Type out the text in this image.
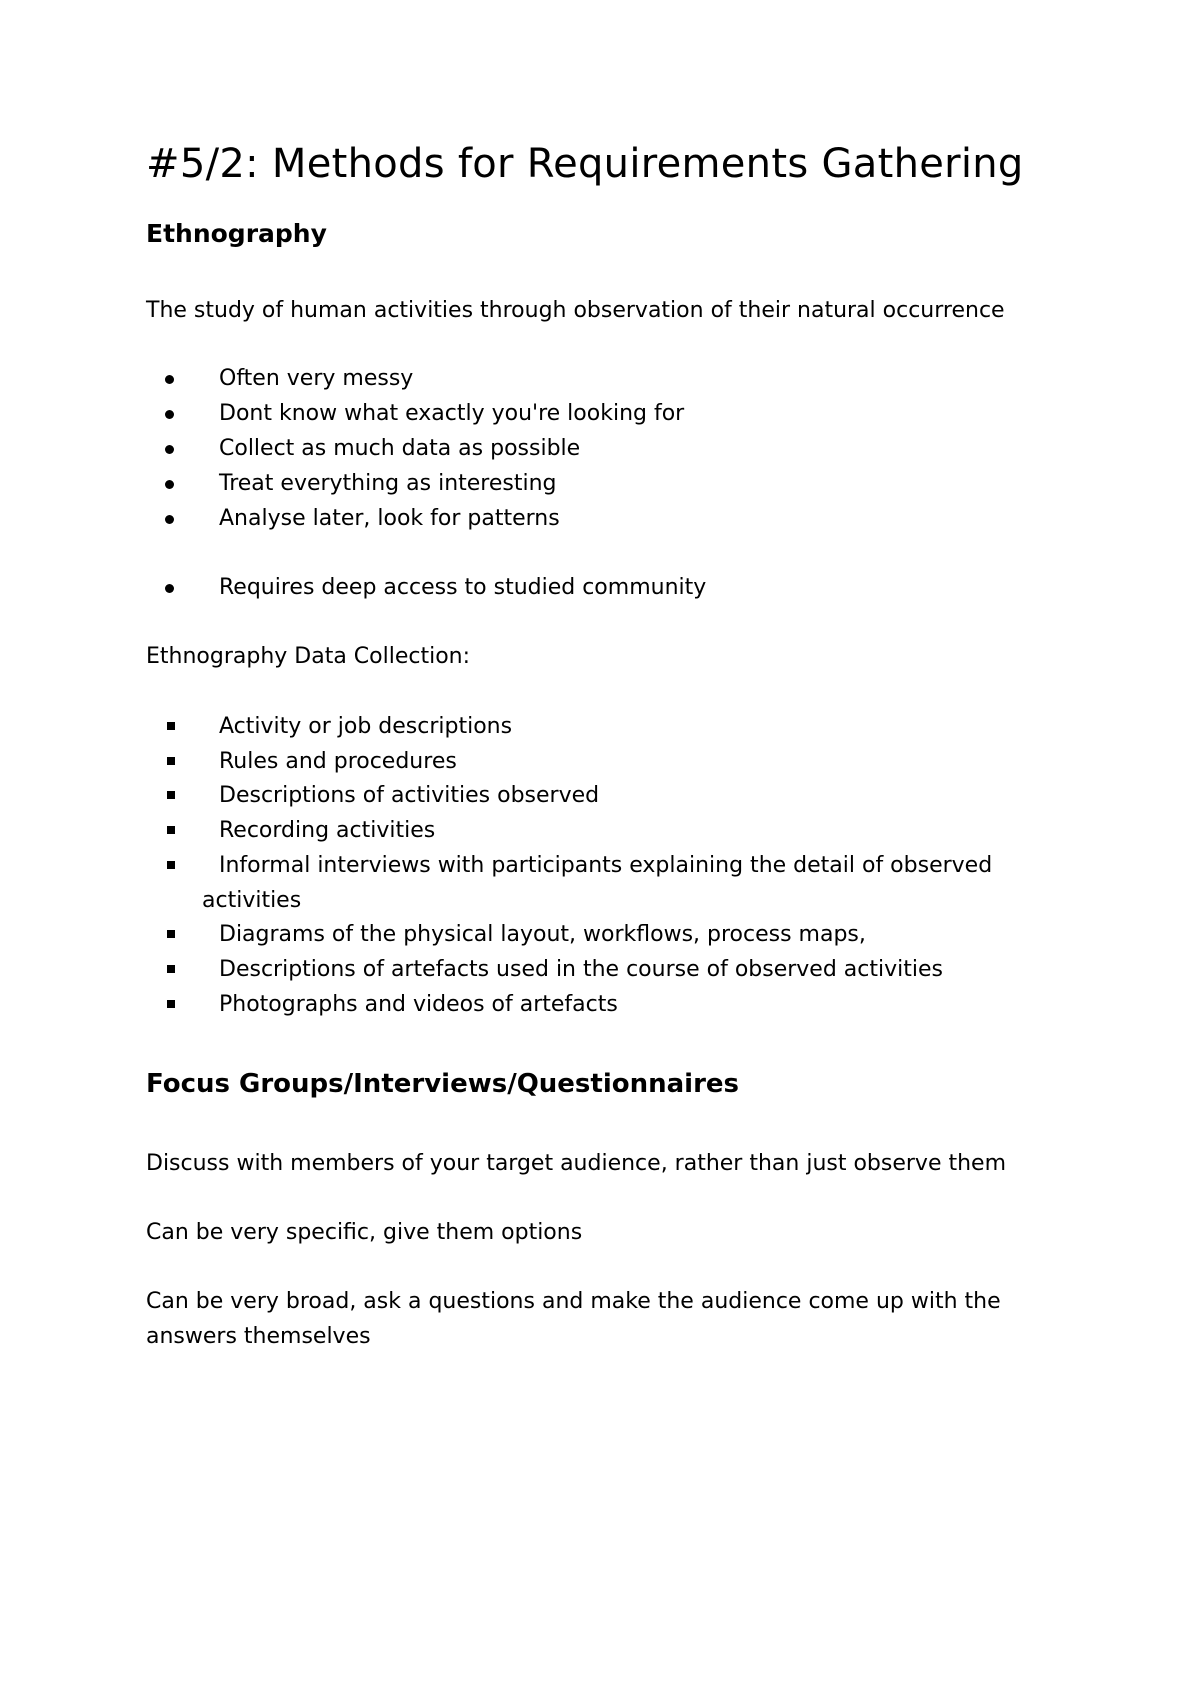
#5/2: Methods for Requirements Gathering
Ethnography
The study of human activities through observation of their natural occurrence
Often very messy
Dont know what exactly you're looking for
Collect as much data as possible
Treat everything as interesting
Analyse later, look for patterns
Requires deep access to studied community
Ethnography Data Collection:
Activity or job descriptions
Rules and procedures
Descriptions of activities observed
Recording activities
Informal interviews with participants explaining the detail of observed
activities
Diagrams of the physical layout, workflows, process maps,
Descriptions of artefacts used in the course of observed activities
Photographs and videos of artefacts
Focus Groups/Interviews/Questionnaires
Discuss with members of your target audience, rather than just observe them
Can be very specific, give them options
Can be very broad, ask a questions and make the audience come up with the
answers themselves
